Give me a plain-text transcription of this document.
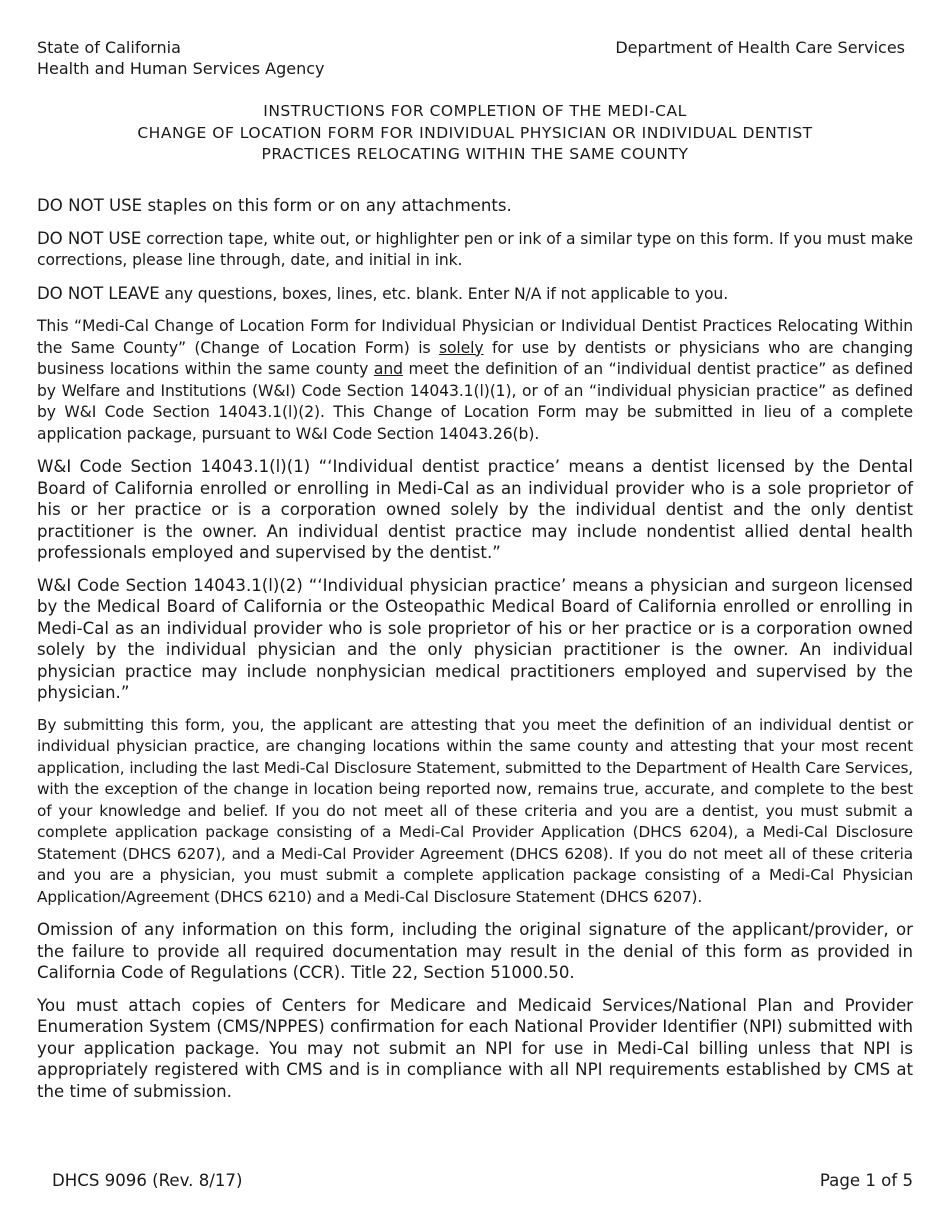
State of California
Health and Human Services Agency
Department of Health Care Services
INSTRUCTIONS FOR COMPLETION OF THE MEDI-CAL
CHANGE OF LOCATION FORM FOR INDIVIDUAL PHYSICIAN OR INDIVIDUAL DENTIST
PRACTICES RELOCATING WITHIN THE SAME COUNTY

DO NOT USE staples on this form or on any attachments.

DO NOT USE correction tape, white out, or highlighter pen or ink of a similar type on this form. If you must make corrections, please line through, date, and initial in ink.

DO NOT LEAVE any questions, boxes, lines, etc. blank. Enter N/A if not applicable to you.

This “Medi-Cal Change of Location Form for Individual Physician or Individual Dentist Practices Relocating Within the Same County” (Change of Location Form) is solely for use by dentists or physicians who are changing business locations within the same county and meet the definition of an “individual dentist practice” as defined by Welfare and Institutions (W&I) Code Section 14043.1(l)(1), or of an “individual physician practice” as defined by W&I Code Section 14043.1(l)(2). This Change of Location Form may be submitted in lieu of a complete application package, pursuant to W&I Code Section 14043.26(b).

W&I Code Section 14043.1(l)(1) “‘Individual dentist practice’ means a dentist licensed by the Dental Board of California enrolled or enrolling in Medi-Cal as an individual provider who is a sole proprietor of his or her practice or is a corporation owned solely by the individual dentist and the only dentist practitioner is the owner. An individual dentist practice may include nondentist allied dental health professionals employed and supervised by the dentist.”

W&I Code Section 14043.1(l)(2) “‘Individual physician practice’ means a physician and surgeon licensed by the Medical Board of California or the Osteopathic Medical Board of California enrolled or enrolling in Medi-Cal as an individual provider who is sole proprietor of his or her practice or is a corporation owned solely by the individual physician and the only physician practitioner is the owner. An individual physician practice may include nonphysician medical practitioners employed and supervised by the physician.”

By submitting this form, you, the applicant are attesting that you meet the definition of an individual dentist or individual physician practice, are changing locations within the same county and attesting that your most recent application, including the last Medi-Cal Disclosure Statement, submitted to the Department of Health Care Services, with the exception of the change in location being reported now, remains true, accurate, and complete to the best of your knowledge and belief. If you do not meet all of these criteria and you are a dentist, you must submit a complete application package consisting of a Medi-Cal Provider Application (DHCS 6204), a Medi-Cal Disclosure Statement (DHCS 6207), and a Medi-Cal Provider Agreement (DHCS 6208). If you do not meet all of these criteria and you are a physician, you must submit a complete application package consisting of a Medi-Cal Physician Application/Agreement (DHCS 6210) and a Medi-Cal Disclosure Statement (DHCS 6207).

Omission of any information on this form, including the original signature of the applicant/provider, or the failure to provide all required documentation may result in the denial of this form as provided in California Code of Regulations (CCR). Title 22, Section 51000.50.

You must attach copies of Centers for Medicare and Medicaid Services/National Plan and Provider Enumeration System (CMS/NPPES) confirmation for each National Provider Identifier (NPI) submitted with your application package. You may not submit an NPI for use in Medi-Cal billing unless that NPI is appropriately registered with CMS and is in compliance with all NPI requirements established by CMS at the time of submission.

DHCS 9096 (Rev. 8/17)	Page 1 of 5
